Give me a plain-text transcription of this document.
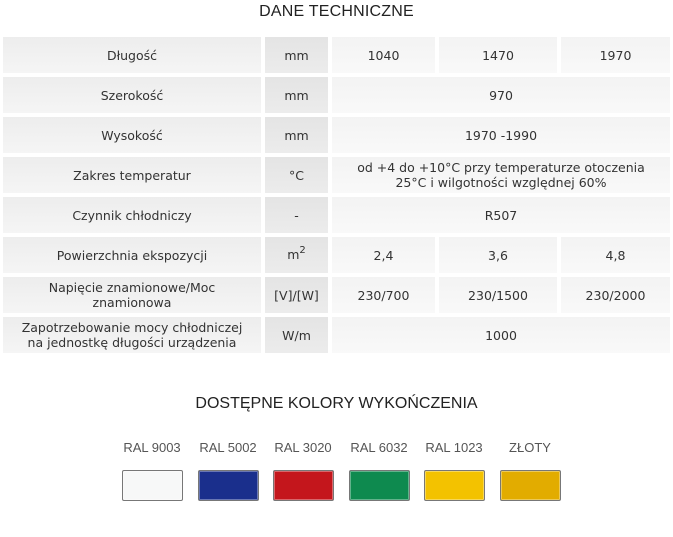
DANE TECHNICZNE
Długość	mm	1040	1470	1970
Szerokość	mm	970		
Wysokość	mm	1970 -1990		
Zakres temperatur	°C	od +4 do +10°C przy temperaturze otoczenia
25°C i wilgotności względnej 60%		

Czynnik chłodniczy	-	R507		
Powierzchnia ekspozycji	$m^2$	2,4	3,6	4,8

Napięcie znamionowe/Moc
znamionowa	[V]/[W]	230/700	230/1500	230/2000

Zapotrzebowanie mocy chłodniczej
na jednostkę długości urządzenia	W/m	1000		
DOSTĘPNE KOLORY WYKOŃCZENIA
RAL 9003 RAL 5002 RAL 3020 RAL 6032 RAL 1023	ZŁOTY
